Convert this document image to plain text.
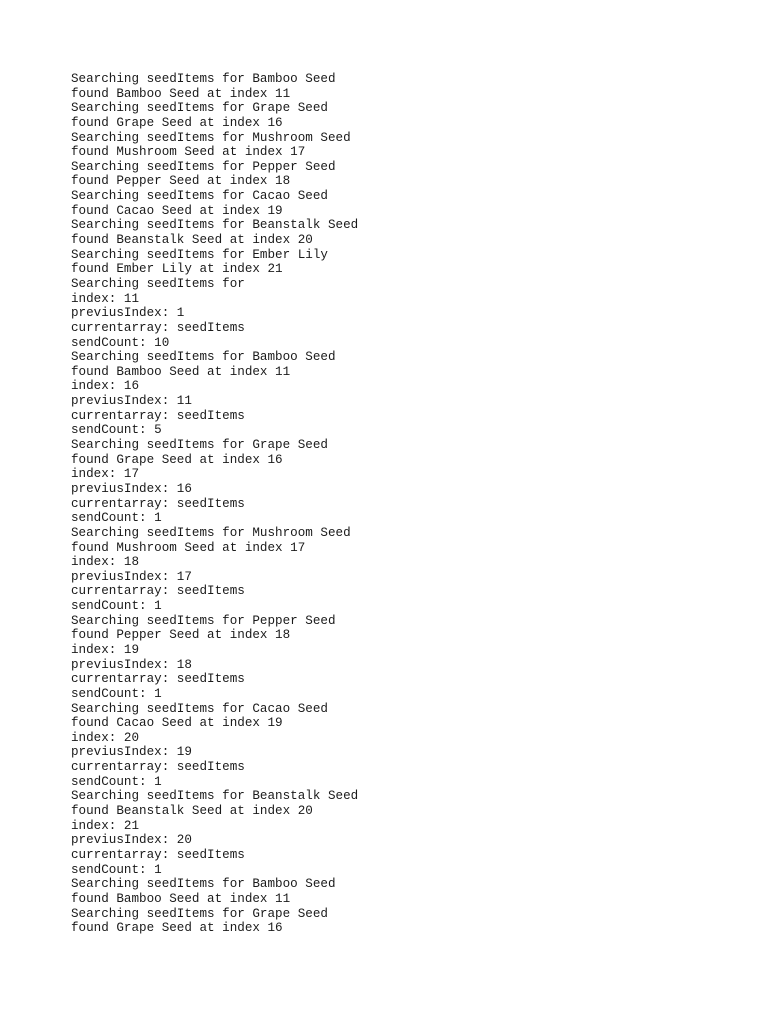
Searching seedItems for Bamboo Seed
found Bamboo Seed at index 11
Searching seedItems for Grape Seed
found Grape Seed at index 16
Searching seedItems for Mushroom Seed
found Mushroom Seed at index 17
Searching seedItems for Pepper Seed
found Pepper Seed at index 18
Searching seedItems for Cacao Seed
found Cacao Seed at index 19
Searching seedItems for Beanstalk Seed
found Beanstalk Seed at index 20
Searching seedItems for Ember Lily
found Ember Lily at index 21
Searching seedItems for
index: 11
previusIndex: 1
currentarray: seedItems
sendCount: 10
Searching seedItems for Bamboo Seed
found Bamboo Seed at index 11
index: 16
previusIndex: 11
currentarray: seedItems
sendCount: 5
Searching seedItems for Grape Seed
found Grape Seed at index 16
index: 17
previusIndex: 16
currentarray: seedItems
sendCount: 1
Searching seedItems for Mushroom Seed
found Mushroom Seed at index 17
index: 18
previusIndex: 17
currentarray: seedItems
sendCount: 1
Searching seedItems for Pepper Seed
found Pepper Seed at index 18
index: 19
previusIndex: 18
currentarray: seedItems
sendCount: 1
Searching seedItems for Cacao Seed
found Cacao Seed at index 19
index: 20
previusIndex: 19
currentarray: seedItems
sendCount: 1
Searching seedItems for Beanstalk Seed
found Beanstalk Seed at index 20
index: 21
previusIndex: 20
currentarray: seedItems
sendCount: 1
Searching seedItems for Bamboo Seed
found Bamboo Seed at index 11
Searching seedItems for Grape Seed
found Grape Seed at index 16
